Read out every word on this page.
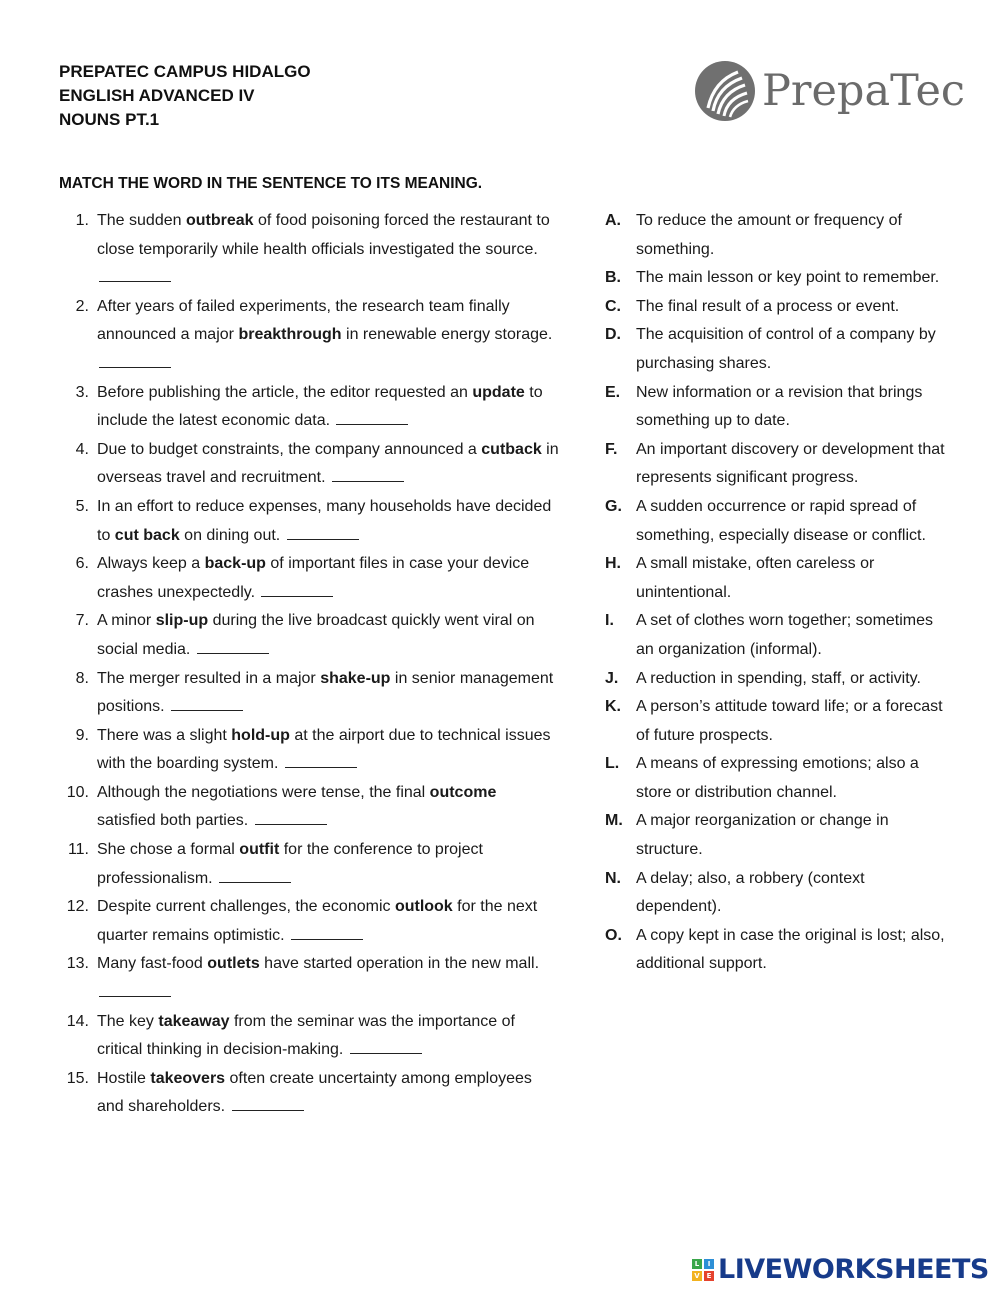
PREPATEC CAMPUS HIDALGO
ENGLISH ADVANCED IV
NOUNS PT.1
PrepaTec
MATCH THE WORD IN THE SENTENCE TO ITS MEANING.
1. The sudden outbreak of food poisoning forced the restaurant to close temporarily while health officials investigated the source.
2. After years of failed experiments, the research team finally announced a major breakthrough in renewable energy storage.
3. Before publishing the article, the editor requested an update to include the latest economic data.
4. Due to budget constraints, the company announced a cutback in overseas travel and recruitment.
5. In an effort to reduce expenses, many households have decided to cut back on dining out.
6. Always keep a back-up of important files in case your device crashes unexpectedly.
7. A minor slip-up during the live broadcast quickly went viral on social media.
8. The merger resulted in a major shake-up in senior management positions.
9. There was a slight hold-up at the airport due to technical issues with the boarding system.
10. Although the negotiations were tense, the final outcome satisfied both parties.
11. She chose a formal outfit for the conference to project professionalism.
12. Despite current challenges, the economic outlook for the next quarter remains optimistic.
13. Many fast-food outlets have started operation in the new mall.
14. The key takeaway from the seminar was the importance of critical thinking in decision-making.
15. Hostile takeovers often create uncertainty among employees and shareholders.
A. To reduce the amount or frequency of something.
B. The main lesson or key point to remember.
C. The final result of a process or event.
D. The acquisition of control of a company by purchasing shares.
E. New information or a revision that brings something up to date.
F.	An important discovery or development that represents significant progress.
G. A sudden occurrence or rapid spread of something, especially disease or conflict.
H. A small mistake, often careless or unintentional.
I.	A set of clothes worn together; sometimes an organization (informal).
J.	A reduction in spending, staff, or activity.
K. A person’s attitude toward life; or a forecast of future prospects.
L.	A means of expressing emotions; also a store or distribution channel.
M. A major reorganization or change in structure.
N. A delay; also, a robbery (context dependent).
O. A copy kept in case the original is lost; also, additional support.
L	I
V E LIVEWORKSHEETS
